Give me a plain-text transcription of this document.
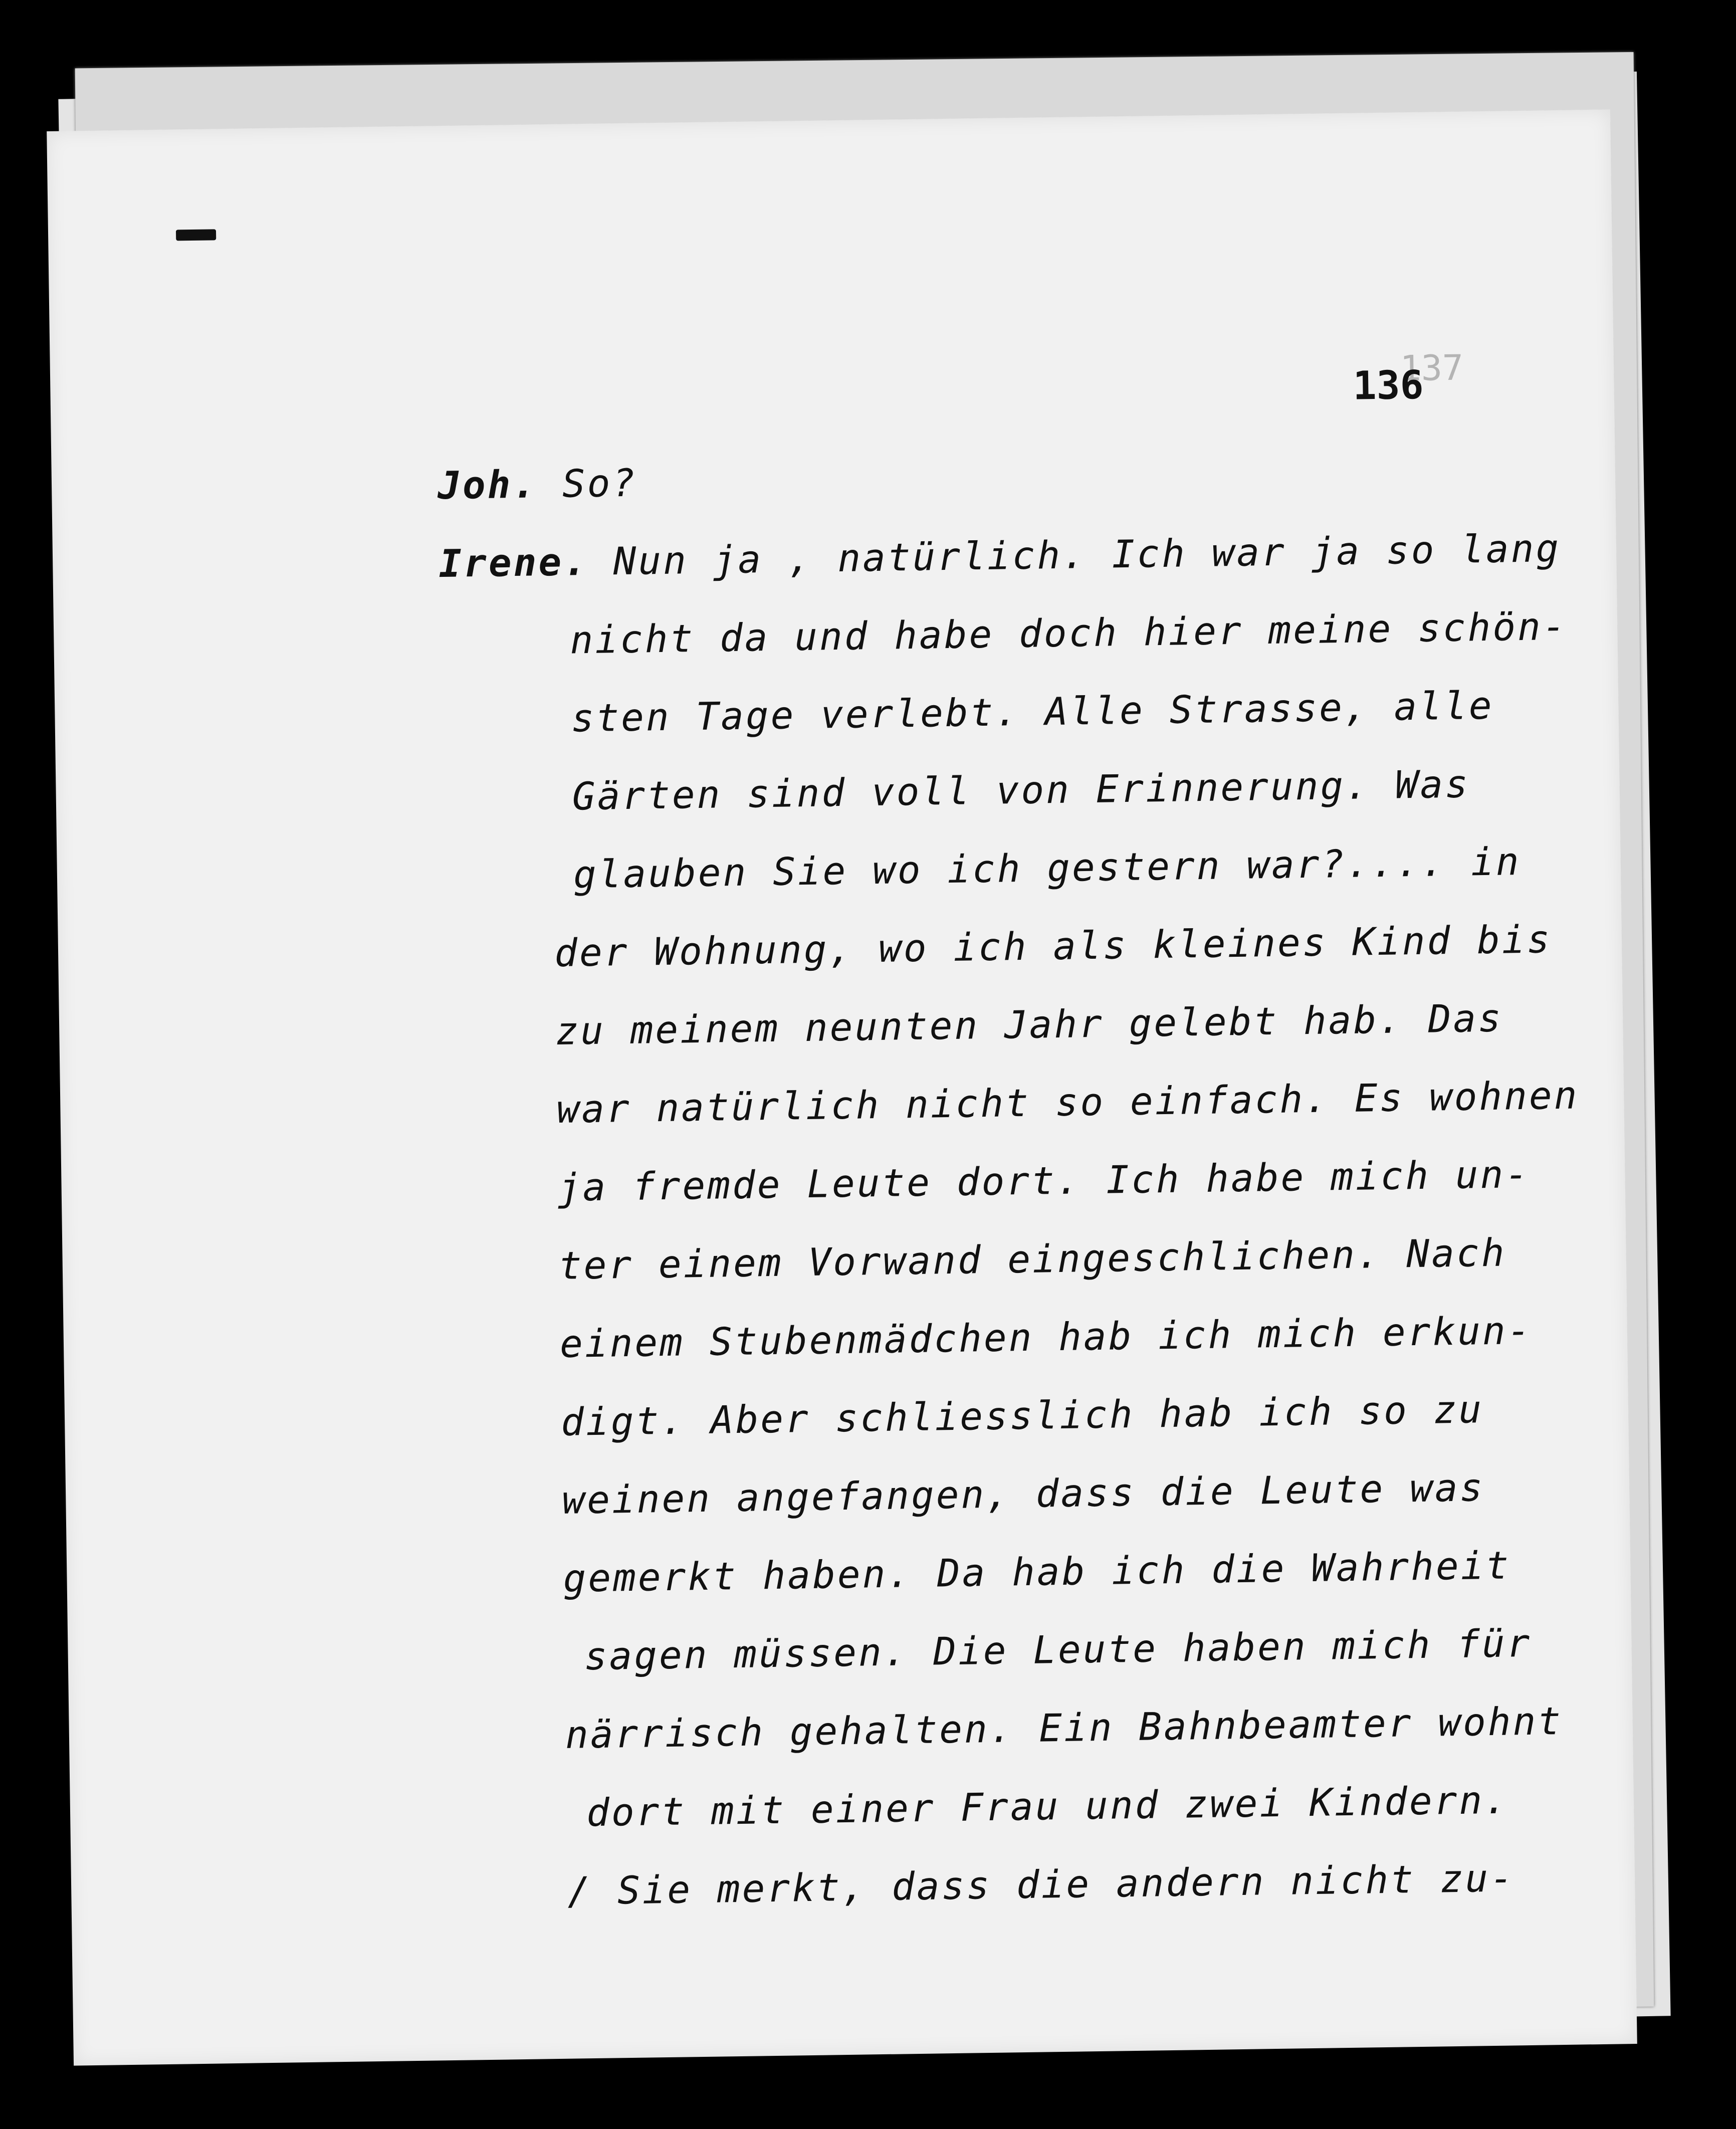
137
136
Joh. So?
Irene. Nun ja , natürlich. Ich war ja so lang
nicht da und habe doch hier meine schön-
sten Tage verlebt. Alle Strasse, alle
Gärten sind voll von Erinnerung. Was
glauben Sie wo ich gestern war?.... in
der Wohnung, wo ich als kleines Kind bis
zu meinem neunten Jahr gelebt hab. Das
war natürlich nicht so einfach. Es wohnen
ja fremde Leute dort. Ich habe mich un-
ter einem Vorwand eingeschlichen. Nach
einem Stubenmädchen hab ich mich erkun-
digt. Aber schliesslich hab ich so zu
weinen angefangen, dass die Leute was
gemerkt haben. Da hab ich die Wahrheit
sagen müssen. Die Leute haben mich für
närrisch gehalten. Ein Bahnbeamter wohnt
dort mit einer Frau und zwei Kindern.
/ Sie merkt, dass die andern nicht zu-
